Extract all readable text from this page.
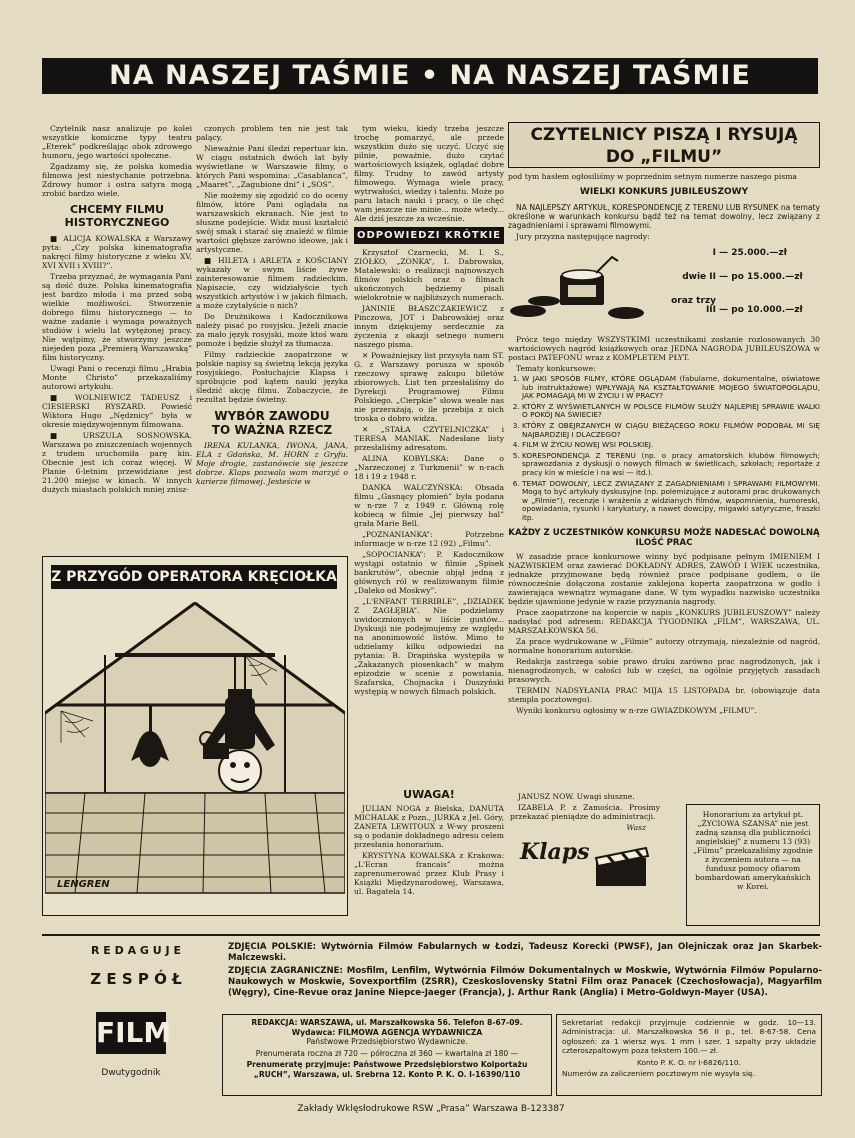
NA NASZEJ TAŚMIE • NA NASZEJ TAŚMIE

Czytelnik nasz analizuje po kolei wszystkie komiczne typy teatru „Eterek” podkreślając obok zdrowego humoru, jego wartości społeczne.

Zgadzamy się, że polska komedia filmowa jest niestychanie potrzebna. Zdrowy humor i ostra satyra mogą zrobić bardzo wiele.

CHCEMY FILMU HISTORYCZNEGO

■ ALICJA KOWALSKA z Warszawy pyta: „Czy polska kinematografia nakręci filmy historyczne z wieku XV, XVI XVII i XVIII?”.

Trzeba przyznać, że wymagania Pani są dość duże. Polska kinematografia jest bardzo młoda i ma przed sobą wielkie możliwości. Stworzenie dobrego filmu historycznego — to ważne zadanie i wymaga poważnych studiów i wielu lat wytężonej pracy. Nie wątpimy, że stworzymy jeszcze niejeden poza „Premierą Warszawską” film historyczny.

Uwagi Pani o recenzji filmu „Hrabia Monte Christo” przekazaliśmy autorowi artykułu.

■ WOLNIEWICZ TADEUSZ i CIESIERSKI RYSZARD. Powieść Wiktora Hugo „Nędznicy” była w okresie międzywojennym filmowana.

■ URSZULA SOSNOWSKA. Warszawa po zniszczeniach wojennych z trudem uruchomiła parę kin. Obecnie jest ich coraz więcej. W Planie 6-letnim przewidziane jest 21.200 miejsc w kinach. W innych dużych miastach polskich mniej znisz-

czonych problem ten nie jest tak palący.

Nieważnie Pani śledzi repertuar kin. W ciągu ostatnich dwóch lat były wyświetlane w Warszawie filmy, o których Pani wspomina: „Casablanca”, „Maaret”, „Zagubione dni” i „SOS”.

Nie możemy się zgodzić co do oceny filmów, które Pani oglądała na warszawskich ekranach. Nie jest to słuszne podejście. Widz musi kształcić swój smak i starać się znaleźć w filmie wartości głębsze zarówno ideowe, jak i artystyczne.

■ HILETA i ARLETA z KOŚCIANY wykazały w swym liście żywe zainteresowanie filmem radzieckim. Napiszcie, czy widziałyście tych wszystkich artystów i w jakich filmach, a może czytałyście o nich?

Do Drużnikowa i Kadocznikowa należy pisać po rosyjsku. Jeżeli znacie za mało język rosyjski, może ktoś wam pomoże i będzie służył za tłumacza.

Filmy radzieckie zaopatrzone w polskie napisy są świetną lekcją języka rosyjskiego. Posłuchajcie Klapsa i spróbujcie pod kątem nauki języka śledzić akcję filmu. Zobaczycie, że rezultat będzie świetny.

WYBÓR ZAWODU TO WAŻNA RZECZ

IRENA KULANKA, IWONA, JANA, ELA z Gdańska, M. HORN z Gryfu. Moje drogie, zastanówcie się jeszcze dobrze. Klaps pozwala wam marzyć o karierze filmowej. Jesteście w

tym wieku, kiedy trzeba jeszcze trochę pomarzyć, ale przede wszystkim dużo się uczyć. Uczyć się pilnie, poważnie, dużo czytać wartościowych książek, oglądać dobre filmy. Trudny to zawód artysty filmowego. Wymaga wiele pracy, wytrwałości, wiedzy i talentu. Może po paru latach nauki i pracy, o ile chęć wam jeszcze nie minie... może wtedy... Ale dziś jeszcze za wcześnie.

ODPOWIEDZI KRÓTKIE

Krzysztof Czarnecki, M. I. S., ZIÓŁKO, „ZONKA”, I. Dabrowska, Matalewski: o realizacji najnowszych filmów polskich oraz o filmach ukończonych będziemy pisali wielokrotnie w najbliższych numerach.

JANINIE BŁASZCZAKIEWICZ z Pinczowa, JOT i Dabrowskiej oraz innym dziękujemy serdecznie za życzenia z okazji setnego numeru naszego pisma.

✕ Poważniejszy list przysyła nam ST. G. z Warszawy porusza w sposób rzeczowy sprawę zakupu biletów zbiorowych. List ten przesłaliśmy do Dyrekcji Programowej Filmu Polskiego. „Cierpkie” słowa weale nas nie przerażają, o ile przebija z nich troska o dobro widza.

✕ „STAŁA CZYTELNICZKA” i TERESA MANIAK. Nadesłane listy przesłaliśmy adresatom.

ALINA KOBYLSKA: Dane o „Narzeczonej z Turkmenii” w n-rach 18 i 19 z 1948 r.

DANKA WALCZYŃSKA: Obsada filmu „Gasnący płomień” była podana w n-rze 7 z 1949 r. Główną rolę kobiecą w filmie „Jej pierwszy bal” grała Marie Bell.

„POZNANIANKA”: Potrzebne informacje w n-rze 12 (92) „Filmu”.

„SOPOCIANKA”: P. Kadocznikow wystąpi ostatnio w filmie „Spisek bankrutów”, obecnie objął jedną z głównych ról w realizowanym filmie „Daleko od Moskwy”.

„L'ENFANT TERRIBLE”, „DZIADEK Z ZAGŁĘBIA”. Nie podzielamy uwidocznionych w liście gustów... Dyskusji nie podejmujemy ze względu na anonimowość listów. Mimo to udzielamy kilku odpowiedzi na pytania: B. Drapińska występiła w „Zakazanych piosenkach” w małym epizodzie w scenie z powstania. Szafarska, Chojnacka i Duszyński występią w nowych filmach polskich.

Z PRZYGÓD OPERATORA KRĘCIOŁKA
LENGREN
UWAGA!

JULIAN NOGA z Bielska, DANUTA MICHALAK z Pozn., JURKA z Jel. Góry, ZANETA LEWITOUX z W-wy proszeni są o podanie dokładnego adresu celem przesłania honorarium.

KRYSTYNA KOWALSKA z Krakowa: „L'Ecran francais” można zaprenumerować przez Klub Prasy i Książki Międzynarodowej, Warszawa, ul. Bagatela 14.

CZYTELNICY PISZĄ I RYSUJĄ
DO „FILMU”

pod tym hasłem ogłosiliśmy w poprzednim setnym numerze naszego pisma

WIELKI KONKURS JUBILEUSZOWY

NA NAJLEPSZY ARTYKUŁ, KORESPONDENCJĘ Z TERENU LUB RYSUNEK na tematy określone w warunkach konkursu bądź też na temat dowolny, lecz związany z zagadnieniami i sprawami filmowymi.

Jury przyzna następujące nagrody:

I — 25.000.—zł
dwie II — po 15.000.—zł
oraz trzy III — po 10.000.—zł

Prócz tego między WSZYSTKIMI uczestnikami zostanie rozlosowanych 30 wartościowych nagród książkowych oraz JEDNA NAGRODA JUBILEUSZOWA w postaci PATEFONU wraz z KOMPLETEM PŁYT.

Tematy konkursowe:

1. W JAKI SPOSÓB FILMY, KTÓRE OGLĄDAM (fabularne, dokumentalne, oświatowe lub instruktażowe) WPŁYWAJĄ NA KSZTAŁTOWANIE MOJEGO ŚWIATOPOGLĄDU, JAK POMAGAJĄ MI W ŻYCIU I W PRACY?
2. KTÓRY Z WYŚWIETLANYCH W POLSCE FILMÓW SŁUŻY NAJLEPIEJ SPRAWIE WALKI O POKÓJ NA ŚWIECIE?
3. KTÓRY Z OBEJRZANYCH W CIĄGU BIEŻĄCEGO ROKU FILMÓW PODOBAŁ MI SIĘ NAJBARDZIEJ I DLACZEGO?
4. FILM W ŻYCIU NOWEJ WSI POLSKIEJ.
5. KORESPONDENCJA Z TERENU (np. o pracy amatorskich klubów filmowych; sprawozdania z dyskusji o nowych filmach w świetlicach, szkołach; reportaże z pracy kin w mieście i na wsi — itd.).
6. TEMAT DOWOLNY, LECZ ZWIĄZANY Z ZAGADNIENIAMI I SPRAWAMI FILMOWYMI. Mogą to być artykuły dyskusyjne (np. polemizujące z autorami prac drukowanych w „Filmie”), recenzje i wrażenia z widzianych filmów, wspomnienia, humoreski, opowiadania, rysunki i karykatury, a nawet dowcipy, migawki satyryczne, fraszki itp.
KAŻDY Z UCZESTNIKÓW KONKURSU MOŻE NADESŁAĆ DOWOLNĄ ILOŚĆ PRAC

W zasadzie prace konkursowe winny być podpisane pełnym IMIENIEM I NAZWISKIEM oraz zawierać DOKŁADNY ADRES, ZAWÓD I WIEK uczestnika, jednakże przyjmowane będą również prace podpisane godłem, o ile równocześnie dołączona zostanie zaklejona koperta zaopatrzona w godło i zawierająca wewnątrz wymagane dane. W tym wypadku nazwisko uczestnika będzie ujawnione jedynie w razie przyznania nagrody.

Prace zaopatrzone na kopercie w napis „KONKURS JUBILEUSZOWY” należy nadsyłać pod adresem: REDAKCJA TYGODNIKA „FILM”, WARSZAWA, UL. MARSZAŁKOWSKA 56.

Za prace wydrukowane w „Filmie” autorzy otrzymają, niezależnie od nagród, normalne honorarium autorskie.

Redakcja zastrzega sobie prawo druku zarówno prac nagrodzonych, jak i nienagrodzonych, w całości lub w części, na ogólnie przyjętych zasadach prasowych.

TERMIN NADSYŁANIA PRAC MIJA 15 LISTOPADA br. (obowiązuje data stempla pocztowego).

Wyniki konkursu ogłosimy w n-rze GWIAZDKOWYM „FILMU”.

JANUSZ NOW. Uwagi słuszne.

IZABELA P. z Zamościa. Prosimy przekazać pieniądze do administracji.

Wasz
Klaps

Honorarium za artykuł pt. „ŻYCIOWA SZANSA” nie jest zadną szansą dla publiczności angielskiej” z numeru 13 (93) „Filmu” przekazaliśmy zgodnie z życzeniem autora — na fundusz pomocy ofiarom bombardowań amerykańskich w Korei.

R E D A G U J E
Z E S P Ó Ł
FILM
Dwutygodnik

ZDJĘCIA POLSKIE: Wytwórnia Filmów Fabularnych w Łodzi, Tadeusz Korecki (PWSF), Jan Olejniczak oraz Jan Skarbek-Malczewski.

ZDJĘCIA ZAGRANICZNE: Mosfilm, Lenfilm, Wytwórnia Filmów Dokumentalnych w Moskwie, Wytwórnia Filmów Popularno-Naukowych w Moskwie, Sovexportfilm (ZSRR), Czeskoslovensky Statni Film oraz Panacek (Czechosłowacja), Magyarfilm (Węgry), Cine-Revue oraz Janine Niepce-Jaeger (Francja), J. Arthur Rank (Anglia) i Metro-Goldwyn-Mayer (USA).

REDAKCJA: WARSZAWA, ul. Marszałkowska 56. Telefon 8-67-09.
Wydawca: FILMOWA AGENCJA WYDAWNICZA
Państwowe Przedsiębiorstwo Wydawnicze.
Prenumerata roczna zł 720 — półroczna zł 360 — kwartalna zł 180 —
Prenumeratę przyjmuje: Państwowe Przedsiębiorstwo Kolportażu „RUCH”, Warszawa, ul. Srebrna 12. Konto P. K. O. I-16390/110
Sekretariat redakcji przyjmuje codziennie w godz. 10—13. Administracja: ul. Marszałkowska 56 II p., tel. 8-67-58. Cena ogłoszeń: za 1 wiersz wys. 1 mm i szer. 1 szpalty przy układzie czteroszpaltowym poza tekstem 100.— zł.
Konto P. K. O. nr I-6826/110.
Numerów za zaliczeniem pocztowym nie wysyła się.
Zakłady Wklęsłodrukowe RSW „Prasa” Warszawa B-123387
